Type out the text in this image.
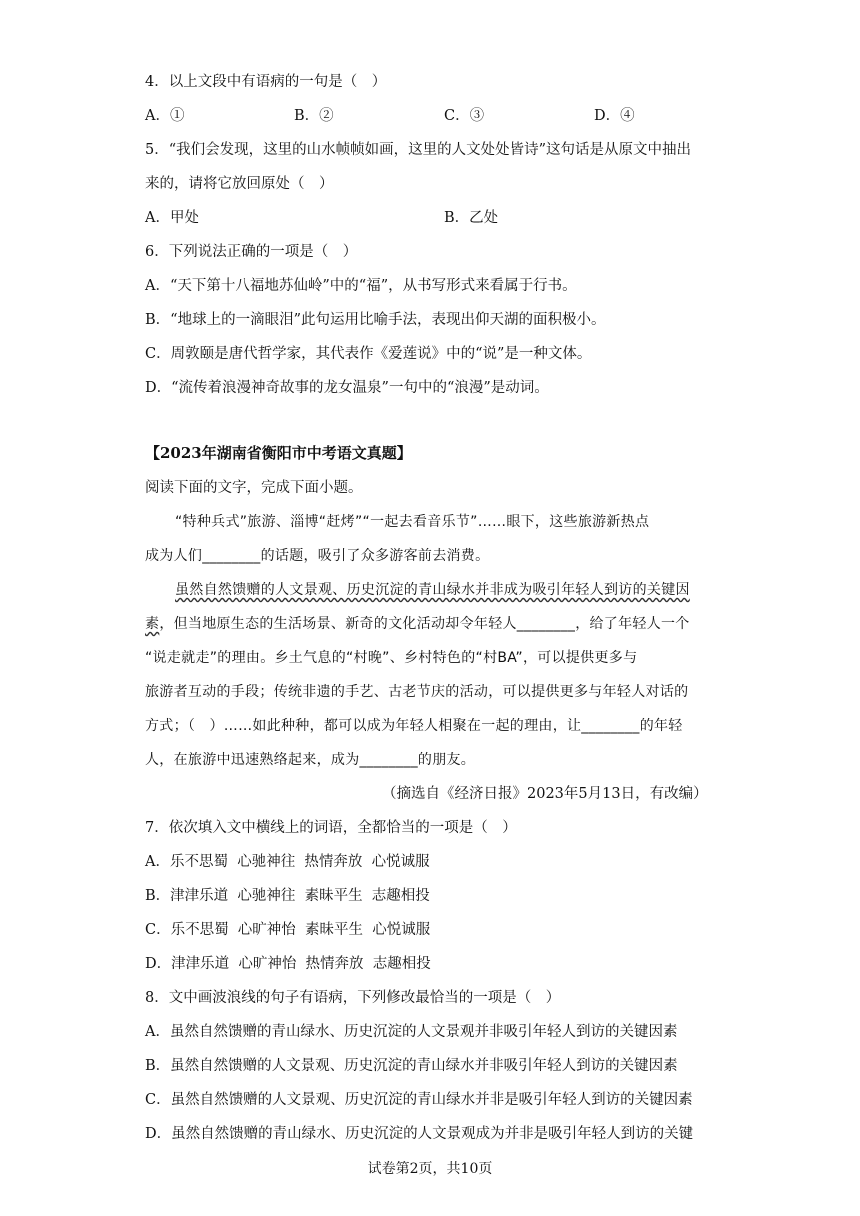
4．以上文段中有语病的一句是（　）
A．①	B．②	C．③	D．④
5．“我们会发现，这里的山水帧帧如画，这里的人文处处皆诗”这句话是从原文中抽出
来的，请将它放回原处（　）
A．甲处	B．乙处
6．下列说法正确的一项是（　）
A．“天下第十八福地苏仙岭”中的“福”，从书写形式来看属于行书。
B．“地球上的一滴眼泪”此句运用比喻手法，表现出仰天湖的面积极小。
C．周敦颐是唐代哲学家，其代表作《爱莲说》中的“说”是一种文体。
D．“流传着浪漫神奇故事的龙女温泉”一句中的“浪漫”是动词。
【2023年湖南省衡阳市中考语文真题】
阅读下面的文字，完成下面小题。
“特种兵式”旅游、淄博“赶烤”“一起去看音乐节”……眼下，这些旅游新热点
成为人们________的话题，吸引了众多游客前去消费。
虽然自然馈赠的人文景观、历史沉淀的青山绿水并非成为吸引年轻人到访的关键因
素，但当地原生态的生活场景、新奇的文化活动却令年轻人________，给了年轻人一个
“说走就走”的理由。乡土气息的“村晚”、乡村特色的“村BA”，可以提供更多与
旅游者互动的手段；传统非遗的手艺、古老节庆的活动，可以提供更多与年轻人对话的
方式；（　）……如此种种，都可以成为年轻人相聚在一起的理由，让________的年轻
人，在旅游中迅速熟络起来，成为________的朋友。
（摘选自《经济日报》2023年5月13日，有改编）
7．依次填入文中横线上的词语，全都恰当的一项是（　）
A．乐不思蜀  心驰神往  热情奔放  心悦诚服
B．津津乐道  心驰神往  素昧平生  志趣相投
C．乐不思蜀  心旷神怡  素昧平生  心悦诚服
D．津津乐道  心旷神怡  热情奔放  志趣相投
8．文中画波浪线的句子有语病，下列修改最恰当的一项是（　）
A．虽然自然馈赠的青山绿水、历史沉淀的人文景观并非吸引年轻人到访的关键因素
B．虽然自然馈赠的人文景观、历史沉淀的青山绿水并非吸引年轻人到访的关键因素
C．虽然自然馈赠的人文景观、历史沉淀的青山绿水并非是吸引年轻人到访的关键因素
D．虽然自然馈赠的青山绿水、历史沉淀的人文景观成为并非是吸引年轻人到访的关键
试卷第2页，共10页
